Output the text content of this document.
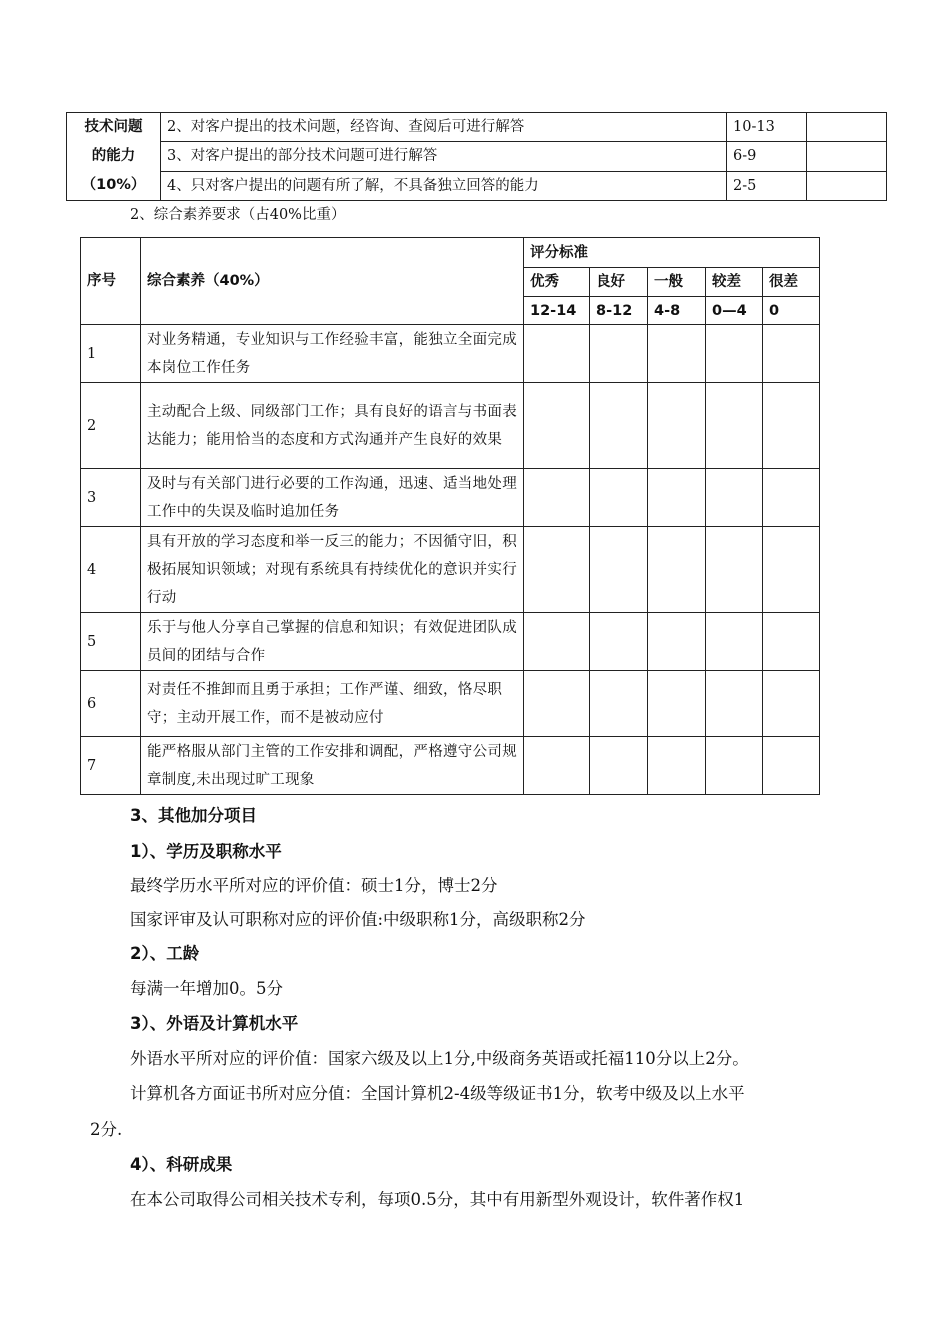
技术问题
的能力
（10%）	2、对客户提出的技术问题，经咨询、查阅后可进行解答	10-13	
	3、对客户提出的部分技术问题可进行解答	6-9	
	4、只对客户提出的问题有所了解，不具备独立回答的能力	2-5	
2、综合素养要求（占40%比重）
序号	综合素养（40%）	评分标准				
		优秀	良好	一般	较差	很差
		12-14	8-12	4-8	0—4	0
1	对业务精通，专业知识与工作经验丰富，能独立全面完成本岗位工作任务					
2	主动配合上级、同级部门工作；具有良好的语言与书面表达能力；能用恰当的态度和方式沟通并产生良好的效果					
3	及时与有关部门进行必要的工作沟通，迅速、适当地处理工作中的失误及临时追加任务					
4	具有开放的学习态度和举一反三的能力；不因循守旧，积极拓展知识领域；对现有系统具有持续优化的意识并实行行动					
5	乐于与他人分享自己掌握的信息和知识；有效促进团队成员间的团结与合作					
6	对责任不推卸而且勇于承担；工作严谨、细致，恪尽职守；主动开展工作，而不是被动应付					
7	能严格服从部门主管的工作安排和调配，严格遵守公司规章制度,未出现过旷工现象					
3、其他加分项目
1）、学历及职称水平
最终学历水平所对应的评价值：硕士1分，博士2分
国家评审及认可职称对应的评价值:中级职称1分，高级职称2分
2）、工龄
每满一年增加0。5分
3）、外语及计算机水平
外语水平所对应的评价值：国家六级及以上1分,中级商务英语或托福110分以上2分。
计算机各方面证书所对应分值：全国计算机2-4级等级证书1分，软考中级及以上水平
2分.
4）、科研成果
在本公司取得公司相关技术专利，每项0.5分，其中有用新型外观设计，软件著作权1
